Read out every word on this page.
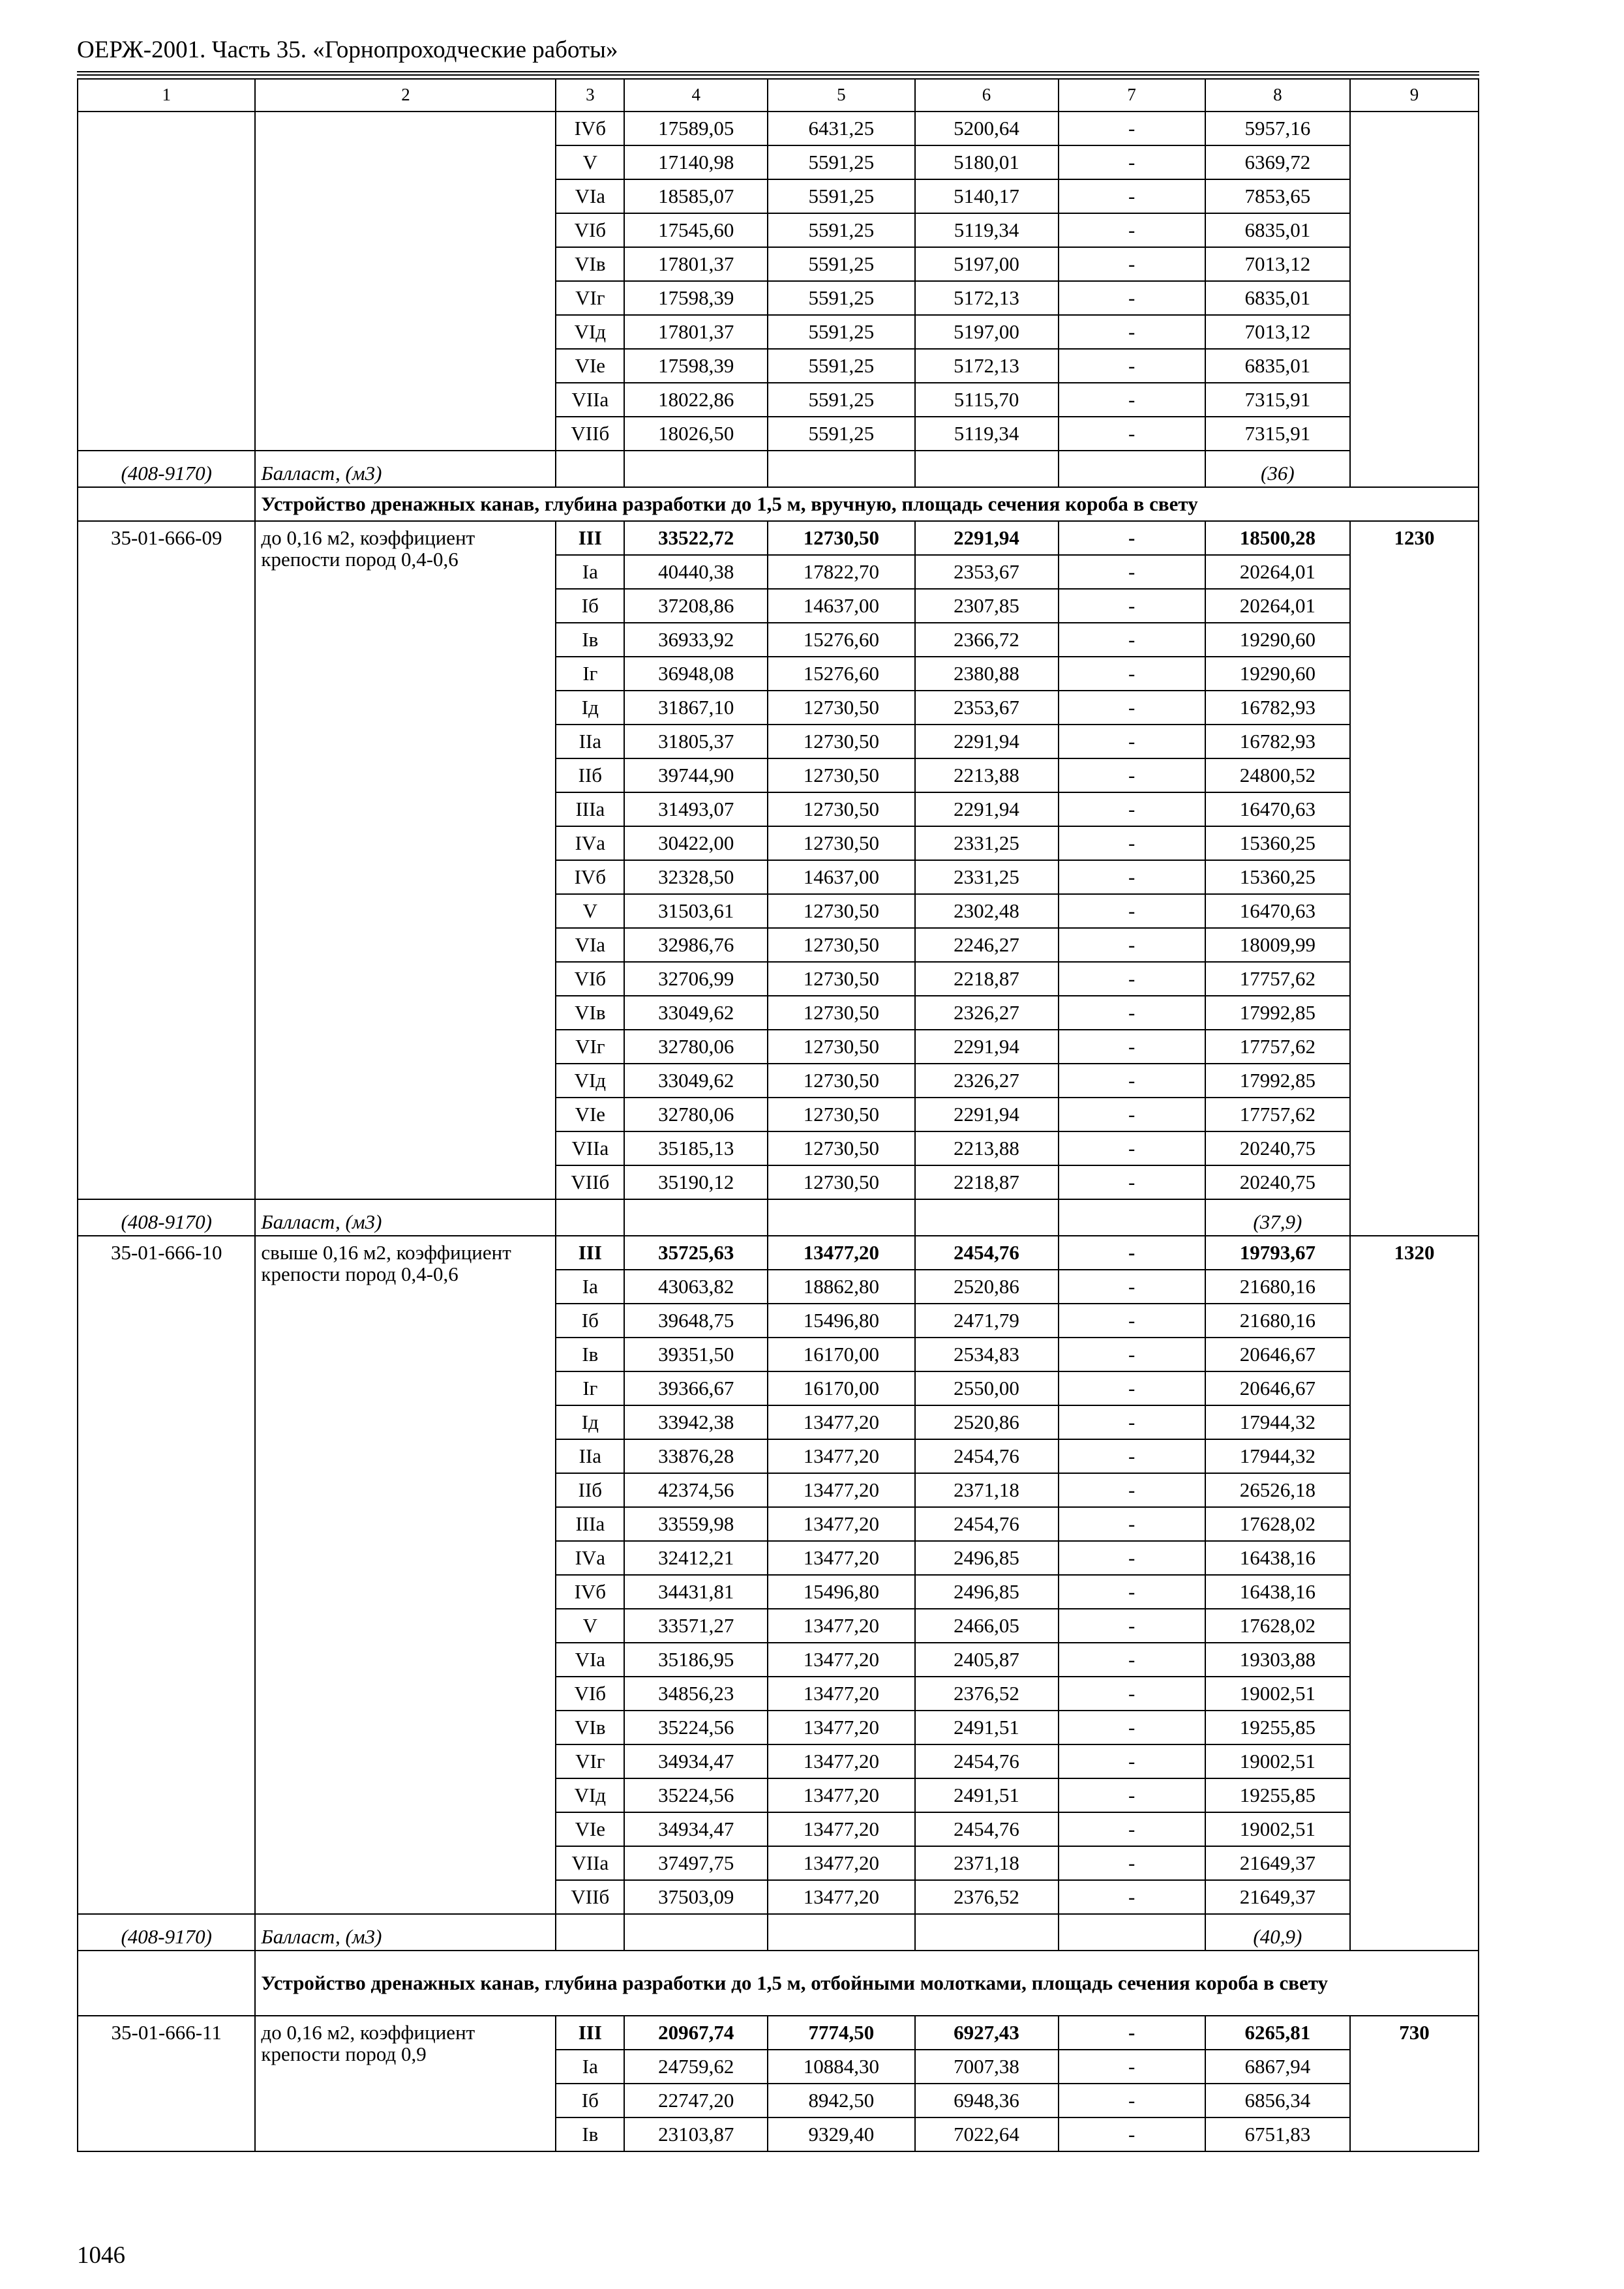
ОЕРЖ-2001. Часть 35. «Горнопроходческие работы»
1	2	3	4	5	6	7	8	9
		IVб	17589,05	6431,25	5200,64	-	5957,16	
		V	17140,98	5591,25	5180,01	-	6369,72	
		VIа	18585,07	5591,25	5140,17	-	7853,65	
		VIб	17545,60	5591,25	5119,34	-	6835,01	
		VIв	17801,37	5591,25	5197,00	-	7013,12	
		VIг	17598,39	5591,25	5172,13	-	6835,01	
		VIд	17801,37	5591,25	5197,00	-	7013,12	
		VIе	17598,39	5591,25	5172,13	-	6835,01	
		VIIа	18022,86	5591,25	5115,70	-	7315,91	
		VIIб	18026,50	5591,25	5119,34	-	7315,91	
(408-9170)	Балласт, (м3)						(36)	
	Устройство дренажных канав, глубина разработки до 1,5 м, вручную, площадь сечения короба в свету							
35-01-666-09	до 0,16 м2, коэффициент крепости пород 0,4-0,6	III	33522,72	12730,50	2291,94	-	18500,28	1230
		Iа	40440,38	17822,70	2353,67	-	20264,01	
		Iб	37208,86	14637,00	2307,85	-	20264,01	
		Iв	36933,92	15276,60	2366,72	-	19290,60	
		Iг	36948,08	15276,60	2380,88	-	19290,60	
		Iд	31867,10	12730,50	2353,67	-	16782,93	
		IIа	31805,37	12730,50	2291,94	-	16782,93	
		IIб	39744,90	12730,50	2213,88	-	24800,52	
		IIIа	31493,07	12730,50	2291,94	-	16470,63	
		IVа	30422,00	12730,50	2331,25	-	15360,25	
		IVб	32328,50	14637,00	2331,25	-	15360,25	
		V	31503,61	12730,50	2302,48	-	16470,63	
		VIа	32986,76	12730,50	2246,27	-	18009,99	
		VIб	32706,99	12730,50	2218,87	-	17757,62	
		VIв	33049,62	12730,50	2326,27	-	17992,85	
		VIг	32780,06	12730,50	2291,94	-	17757,62	
		VIд	33049,62	12730,50	2326,27	-	17992,85	
		VIе	32780,06	12730,50	2291,94	-	17757,62	
		VIIа	35185,13	12730,50	2213,88	-	20240,75	
		VIIб	35190,12	12730,50	2218,87	-	20240,75	
(408-9170)	Балласт, (м3)						(37,9)	
35-01-666-10	свыше 0,16 м2, коэффициент крепости пород 0,4-0,6	III	35725,63	13477,20	2454,76	-	19793,67	1320
		Iа	43063,82	18862,80	2520,86	-	21680,16	
		Iб	39648,75	15496,80	2471,79	-	21680,16	
		Iв	39351,50	16170,00	2534,83	-	20646,67	
		Iг	39366,67	16170,00	2550,00	-	20646,67	
		Iд	33942,38	13477,20	2520,86	-	17944,32	
		IIа	33876,28	13477,20	2454,76	-	17944,32	
		IIб	42374,56	13477,20	2371,18	-	26526,18	
		IIIа	33559,98	13477,20	2454,76	-	17628,02	
		IVа	32412,21	13477,20	2496,85	-	16438,16	
		IVб	34431,81	15496,80	2496,85	-	16438,16	
		V	33571,27	13477,20	2466,05	-	17628,02	
		VIа	35186,95	13477,20	2405,87	-	19303,88	
		VIб	34856,23	13477,20	2376,52	-	19002,51	
		VIв	35224,56	13477,20	2491,51	-	19255,85	
		VIг	34934,47	13477,20	2454,76	-	19002,51	
		VIд	35224,56	13477,20	2491,51	-	19255,85	
		VIе	34934,47	13477,20	2454,76	-	19002,51	
		VIIа	37497,75	13477,20	2371,18	-	21649,37	
		VIIб	37503,09	13477,20	2376,52	-	21649,37	
(408-9170)	Балласт, (м3)						(40,9)	
	Устройство дренажных канав, глубина разработки до 1,5 м, отбойными молотками, площадь сечения короба в свету							
35-01-666-11	до 0,16 м2, коэффициент крепости пород 0,9	III	20967,74	7774,50	6927,43	-	6265,81	730
		Iа	24759,62	10884,30	7007,38	-	6867,94	
		Iб	22747,20	8942,50	6948,36	-	6856,34	
		Iв	23103,87	9329,40	7022,64	-	6751,83	
1046
